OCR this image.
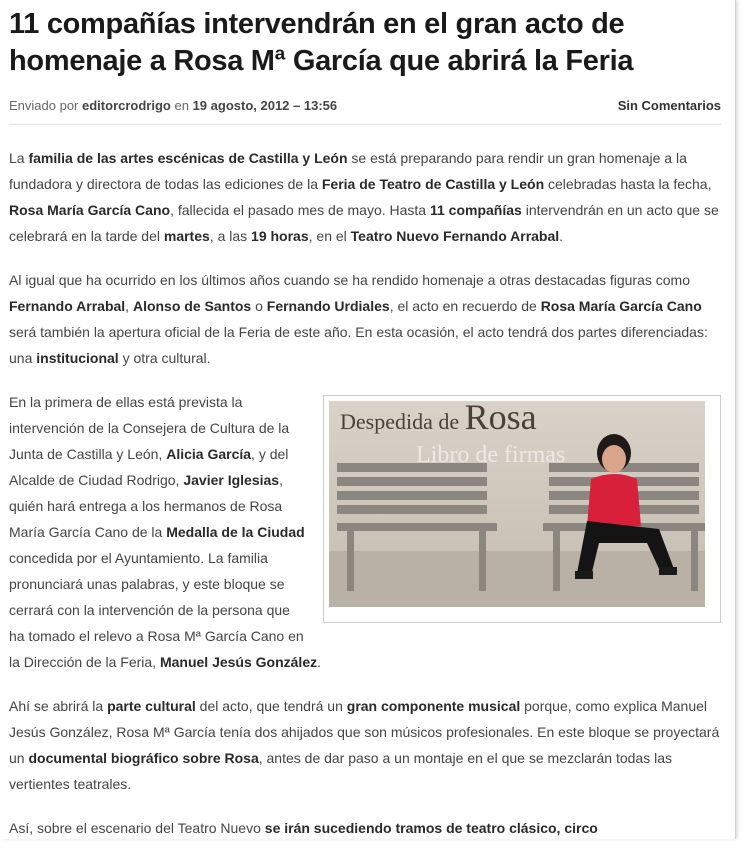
11 compañías intervendrán en el gran acto de homenaje a Rosa Mª García que abrirá la Feria
Enviado por editorcrodrigo en 19 agosto, 2012 – 13:56	Sin Comentarios

La familia de las artes escénicas de Castilla y León se está preparando para rendir un gran homenaje a la fundadora y directora de todas las ediciones de la Feria de Teatro de Castilla y León celebradas hasta la fecha, Rosa María García Cano, fallecida el pasado mes de mayo. Hasta 11 compañías intervendrán en un acto que se celebrará en la tarde del martes, a las 19 horas, en el Teatro Nuevo Fernando Arrabal.

Al igual que ha ocurrido en los últimos años cuando se ha rendido homenaje a otras destacadas figuras como Fernando Arrabal, Alonso de Santos o Fernando Urdiales, el acto en recuerdo de Rosa María García Cano será también la apertura oficial de la Feria de este año. En esta ocasión, el acto tendrá dos partes diferenciadas: una institucional y otra cultural.

Despedida de Rosa
Libro de firmas

En la primera de ellas está prevista la intervención de la Consejera de Cultura de la Junta de Castilla y León, Alicia García, y del Alcalde de Ciudad Rodrigo, Javier Iglesias, quién hará entrega a los hermanos de Rosa María García Cano de la Medalla de la Ciudad concedida por el Ayuntamiento. La familia pronunciará unas palabras, y este bloque se cerrará con la intervención de la persona que ha tomado el relevo a Rosa Mª García Cano en la Dirección de la Feria, Manuel Jesús González.

Ahí se abrirá la parte cultural del acto, que tendrá un gran componente musical porque, como explica Manuel Jesús González, Rosa Mª García tenía dos ahijados que son músicos profesionales. En este bloque se proyectará un documental biográfico sobre Rosa, antes de dar paso a un montaje en el que se mezclarán todas las vertientes teatrales.

Así, sobre el escenario del Teatro Nuevo se irán sucediendo tramos de teatro clásico, circo
